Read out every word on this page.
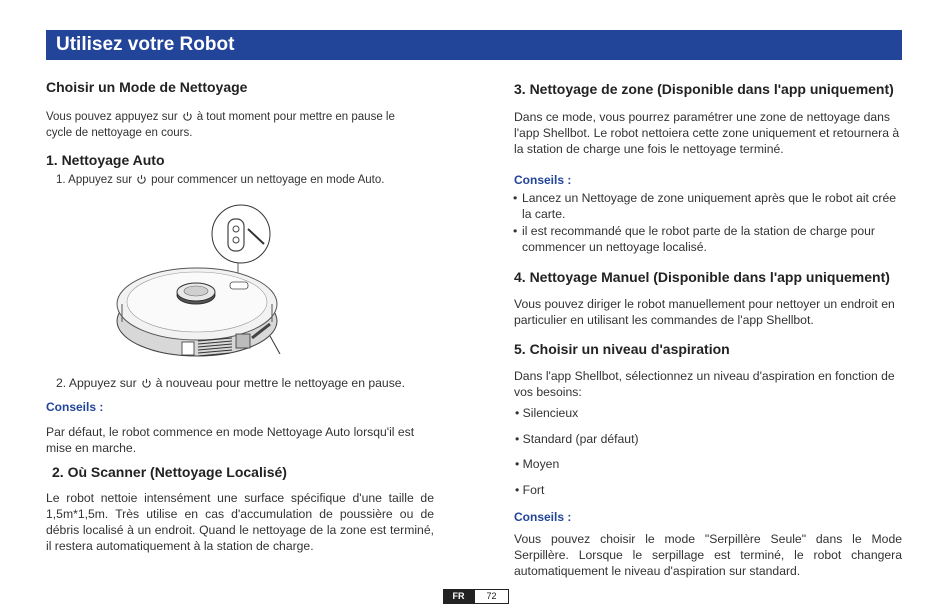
Utilisez votre Robot
Choisir un Mode de Nettoyage
Vous pouvez appuyez sur à tout moment pour mettre en pause le
cycle de nettoyage en cours.
1. Nettoyage Auto
1. Appuyez sur pour commencer un nettoyage en mode Auto.
2. Appuyez sur à nouveau pour mettre le nettoyage en pause.
Conseils :
Par défaut, le robot commence en mode Nettoyage Auto lorsqu'il est mise en marche.
2. Où Scanner (Nettoyage Localisé)
Le robot nettoie intensément une surface spécifique d'une taille de 1,5m*1,5m. Très utilise en cas d'accumulation de poussière ou de débris localisé à un endroit. Quand le nettoyage de la zone est terminé, il restera automatiquement à la station de charge.
3. Nettoyage de zone (Disponible dans l'app uniquement)
Dans ce mode, vous pourrez paramétrer une zone de nettoyage dans l'app Shellbot. Le robot nettoiera cette zone uniquement et retournera à la station de charge une fois le nettoyage terminé.
Conseils :
• Lancez un Nettoyage de zone uniquement après que le robot ait crée la carte.
• il est recommandé que le robot parte de la station de charge pour commencer un nettoyage localisé.
4. Nettoyage Manuel (Disponible dans l'app uniquement)
Vous pouvez diriger le robot manuellement pour nettoyer un endroit en particulier en utilisant les commandes de l'app Shellbot.
5. Choisir un niveau d'aspiration
Dans l'app Shellbot, sélectionnez un niveau d'aspiration en fonction de vos besoins:
• Silencieux
• Standard (par défaut)
• Moyen
• Fort
Conseils :
Vous pouvez choisir le mode "Serpillère Seule" dans le Mode Serpillère. Lorsque le serpillage est terminé, le robot changera automatiquement le niveau d'aspiration sur standard.
FR	72
